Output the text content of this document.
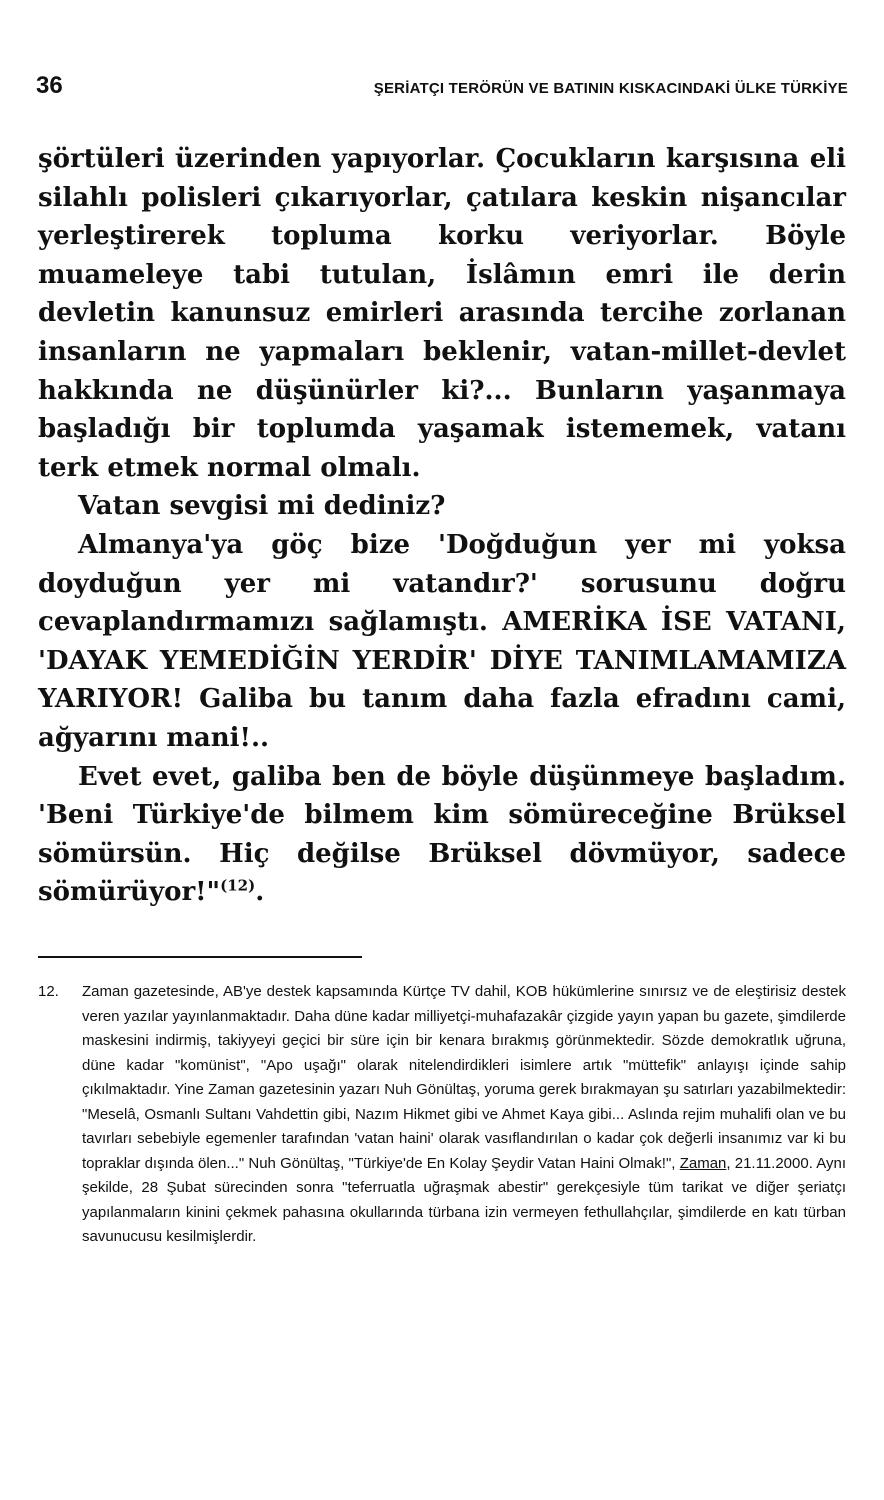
36	ŞERİATÇI TERÖRÜN VE BATININ KISKACINDAKİ ÜLKE TÜRKİYE

şörtüleri üzerinden yapıyorlar. Çocukların karşısına eli silahlı polisleri çıkarıyorlar, çatılara keskin nişancılar yerleştirerek topluma korku veriyorlar. Böyle muameleye tabi tutulan, İslâmın emri ile derin devletin kanunsuz emirleri arasında tercihe zorlanan insanların ne yapmaları beklenir, vatan-millet-devlet hakkında ne düşünürler ki?... Bunların yaşanmaya başladığı bir toplumda yaşamak istememek, vatanı terk etmek normal olmalı.

Vatan sevgisi mi dediniz?

Almanya'ya göç bize 'Doğduğun yer mi yoksa doyduğun yer mi vatandır?' sorusunu doğru cevaplandırmamızı sağlamıştı. AMERİKA İSE VATANI, 'DAYAK YEMEDİĞİN YERDİR' DİYE TANIMLAMAMIZA YARIYOR! Galiba bu tanım daha fazla efradını cami, ağyarını mani!..

Evet evet, galiba ben de böyle düşünmeye başladım. 'Beni Türkiye'de bilmem kim sömüreceğine Brüksel sömürsün. Hiç değilse Brüksel dövmüyor, sadece sömürüyor!"$^{(12)}$.

12. Zaman gazetesinde, AB'ye destek kapsamında Kürtçe TV dahil, KOB hükümlerine sınırsız ve de eleştirisiz destek veren yazılar yayınlanmaktadır. Daha düne kadar milliyetçi-muhafazakâr çizgide yayın yapan bu gazete, şimdilerde maskesini indirmiş, takiyyeyi geçici bir süre için bir kenara bırakmış görünmektedir. Sözde demokratlık uğruna, düne kadar "komünist", "Apo uşağı" olarak nitelendirdikleri isimlere artık "müttefik" anlayışı içinde sahip çıkılmaktadır. Yine Zaman gazetesinin yazarı Nuh Gönültaş, yoruma gerek bırakmayan şu satırları yazabilmektedir: "Meselâ, Osmanlı Sultanı Vahdettin gibi, Nazım Hikmet gibi ve Ahmet Kaya gibi... Aslında rejim muhalifi olan ve bu tavırları sebebiyle egemenler tarafından 'vatan haini' olarak vasıflandırılan o kadar çok değerli insanımız var ki bu topraklar dışında ölen..." Nuh Gönültaş, "Türkiye'de En Kolay Şeydir Vatan Haini Olmak!", Zaman, 21.11.2000. Aynı şekilde, 28 Şubat sürecinden sonra "teferruatla uğraşmak abestir" gerekçesiyle tüm tarikat ve diğer şeriatçı yapılanmaların kinini çekmek pahasına okullarında türbana izin vermeyen fethullahçılar, şimdilerde en katı türban savunucusu kesilmişlerdir.
